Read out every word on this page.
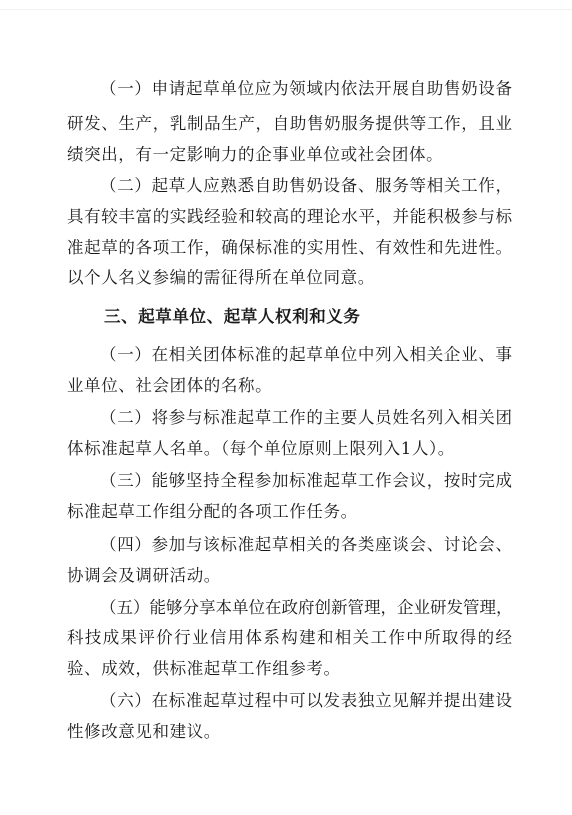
（一）申请起草单位应为领域内依法开展自助售奶设备
研发、生产，乳制品生产，自助售奶服务提供等工作，且业
绩突出，有一定影响力的企事业单位或社会团体。
（二）起草人应熟悉自助售奶设备、服务等相关工作，
具有较丰富的实践经验和较高的理论水平，并能积极参与标
准起草的各项工作，确保标准的实用性、有效性和先进性。
以个人名义参编的需征得所在单位同意。
三、起草单位、起草人权利和义务
（一）在相关团体标准的起草单位中列入相关企业、事
业单位、社会团体的名称。
（二）将参与标准起草工作的主要人员姓名列入相关团
体标准起草人名单。（每个单位原则上限列入1人）。
（三）能够坚持全程参加标准起草工作会议，按时完成
标准起草工作组分配的各项工作任务。
（四）参加与该标准起草相关的各类座谈会、讨论会、
协调会及调研活动。
（五）能够分享本单位在政府创新管理，企业研发管理，
科技成果评价行业信用体系构建和相关工作中所取得的经
验、成效，供标准起草工作组参考。
（六）在标准起草过程中可以发表独立见解并提出建设
性修改意见和建议。
